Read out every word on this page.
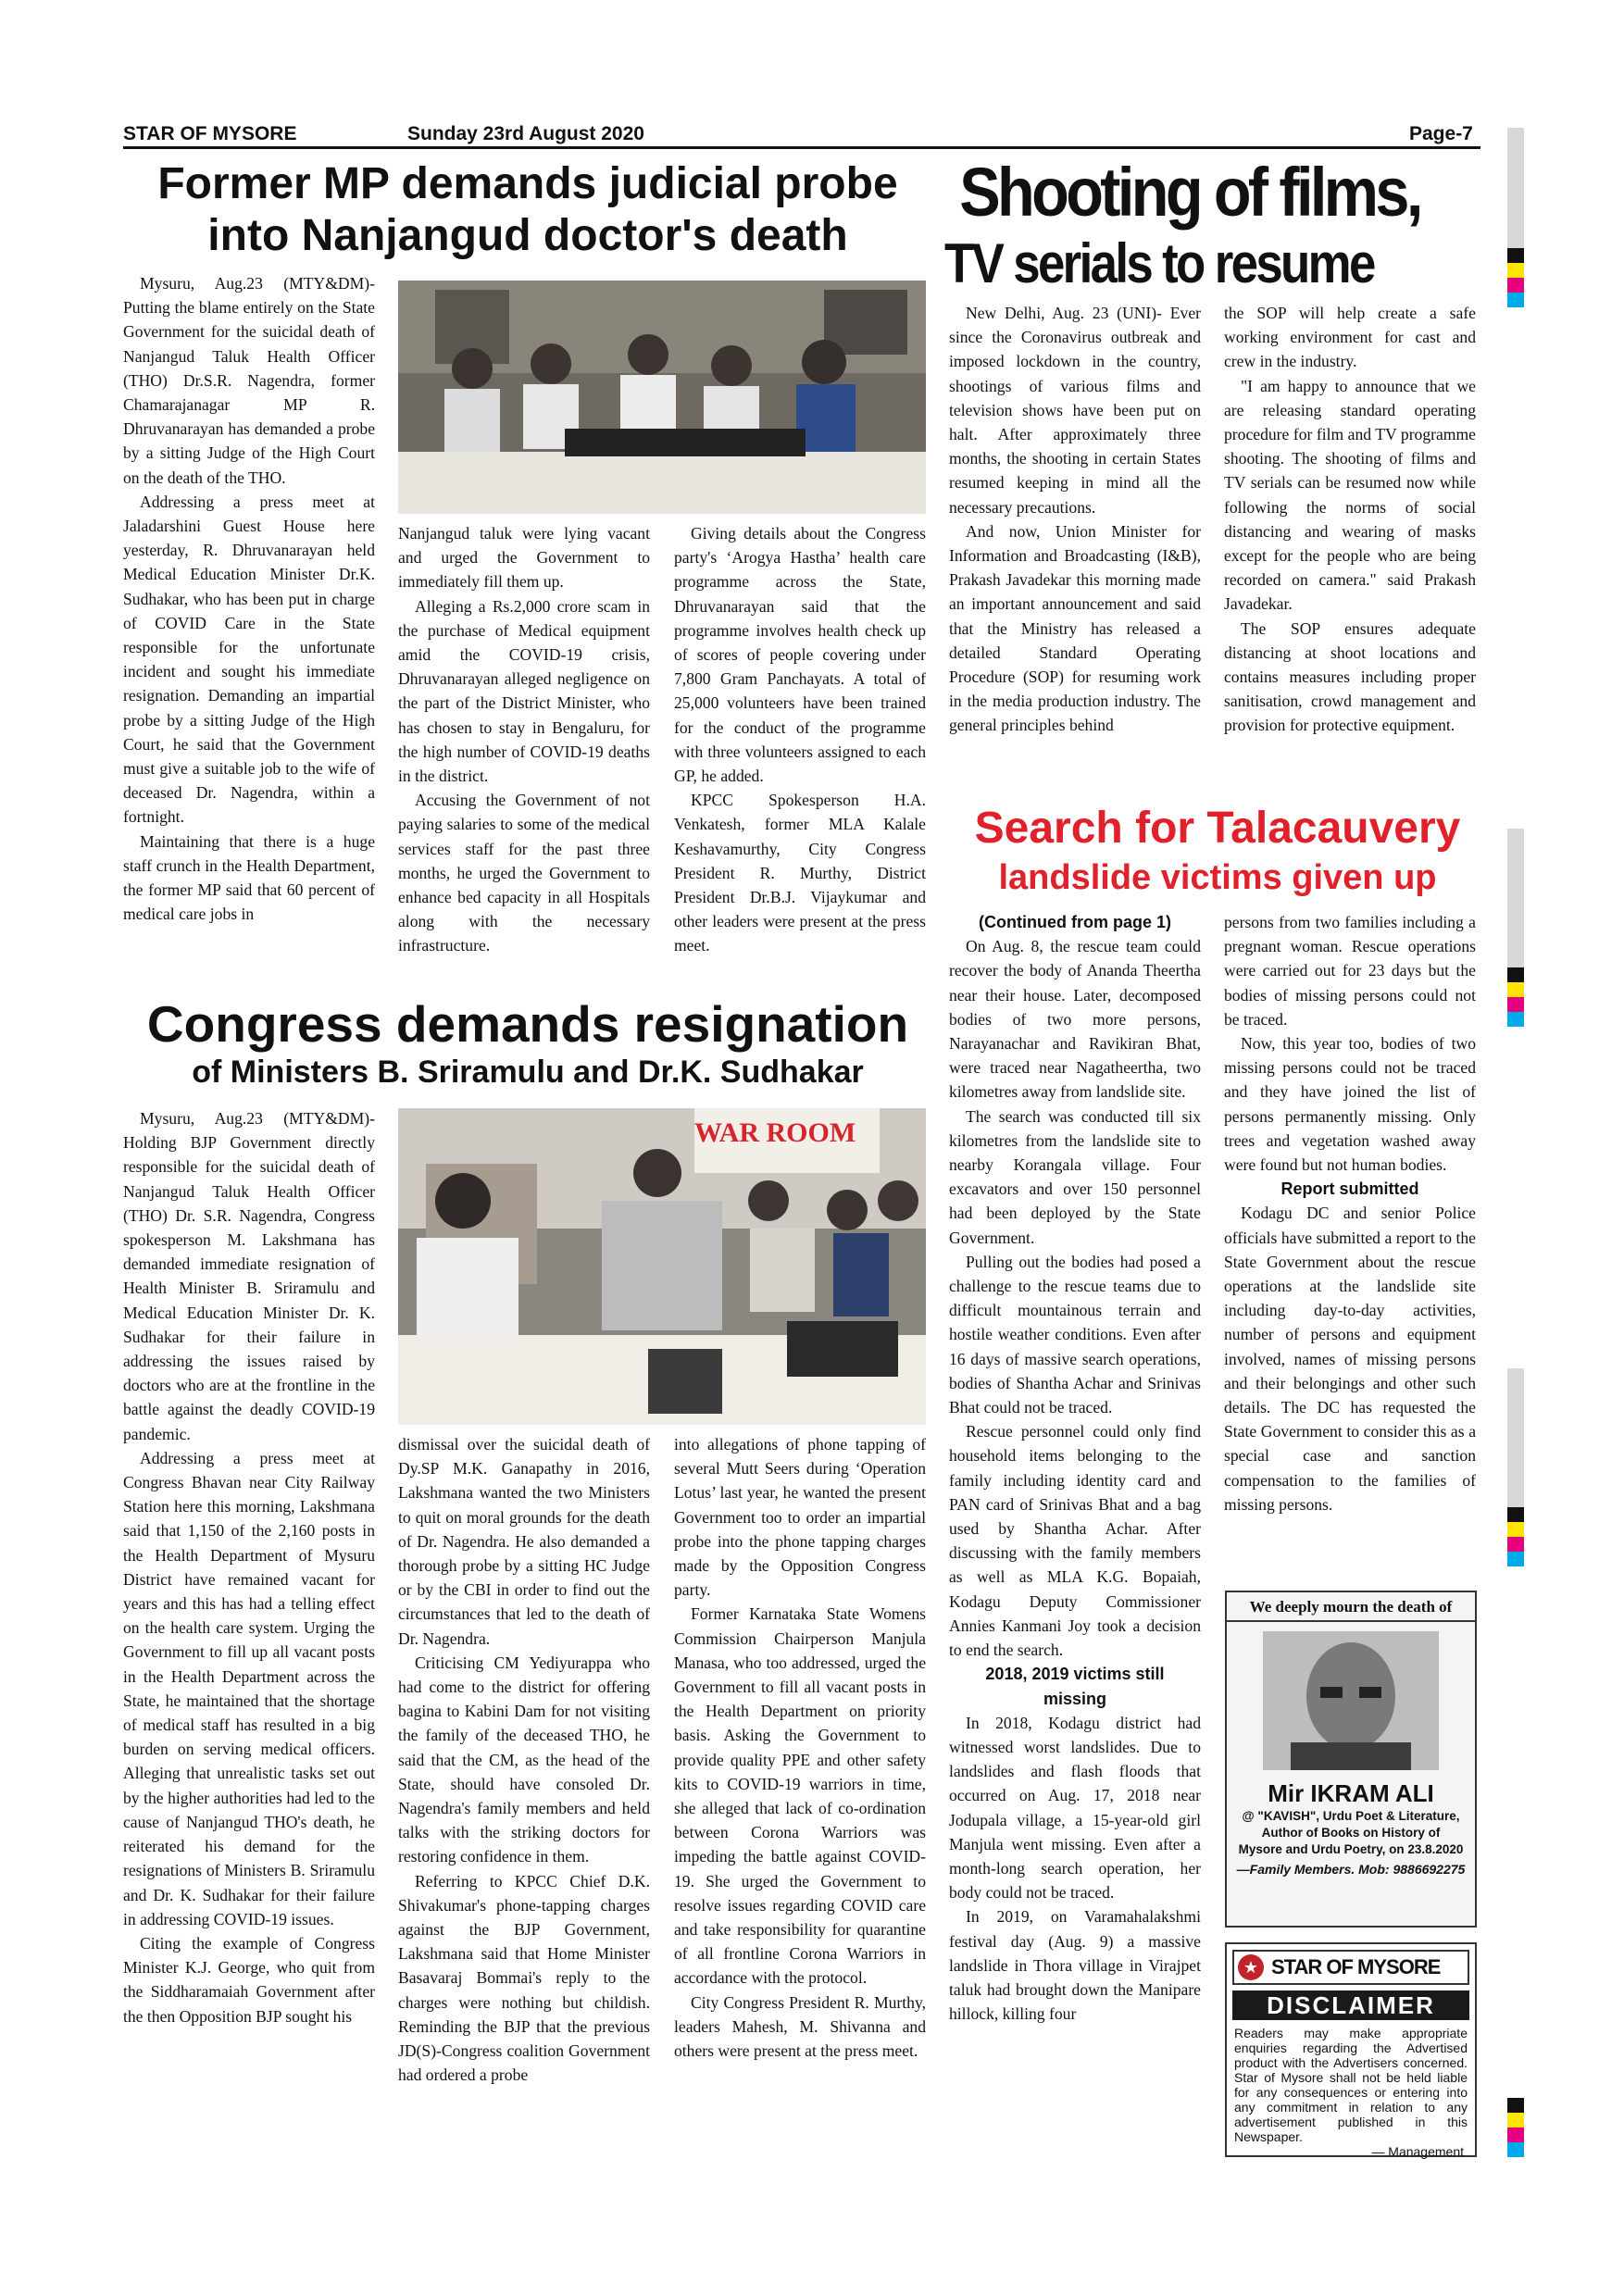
STAR OF MYSORE	Sunday 23rd August 2020	Page-7
Former MP demands judicial probe
into Nanjangud doctor's death

Mysuru, Aug.23 (MTY&DM)- Putting the blame entirely on the State Government for the suicidal death of Nanjangud Taluk Health Officer (THO) Dr.S.R. Nagendra, former Chamarajanagar MP R. Dhruvanarayan has demanded a probe by a sitting Judge of the High Court on the death of the THO.

Addressing a press meet at Jaladarshini Guest House here yesterday, R. Dhruvanarayan held Medical Education Minister Dr.K. Sudhakar, who has been put in charge of COVID Care in the State responsible for the unfortunate incident and sought his immediate resignation. Demanding an impartial probe by a sitting Judge of the High Court, he said that the Government must give a suitable job to the wife of deceased Dr. Nagendra, within a fortnight.

Maintaining that there is a huge staff crunch in the Health Department, the former MP said that 60 percent of medical care jobs in

Nanjangud taluk were lying vacant and urged the Government to immediately fill them up.

Alleging a Rs.2,000 crore scam in the purchase of Medical equipment amid the COVID-19 crisis, Dhruvanarayan alleged negligence on the part of the District Minister, who has chosen to stay in Bengaluru, for the high number of COVID-19 deaths in the district.

Accusing the Government of not paying salaries to some of the medical services staff for the past three months, he urged the Government to enhance bed capacity in all Hospitals along with the necessary infrastructure.

Giving details about the Congress party's ‘Arogya Hastha’ health care programme across the State, Dhruvanarayan said that the programme involves health check up of scores of people covering under 7,800 Gram Panchayats. A total of 25,000 volunteers have been trained for the conduct of the programme with three volunteers assigned to each GP, he added.

KPCC Spokesperson H.A. Venkatesh, former MLA Kalale Keshavamurthy, City Congress President R. Murthy, District President Dr.B.J. Vijaykumar and other leaders were present at the press meet.

Congress demands resignation
of Ministers B. Sriramulu and Dr.K. Sudhakar

Mysuru, Aug.23 (MTY&DM)- Holding BJP Government directly responsible for the suicidal death of Nanjangud Taluk Health Officer (THO) Dr. S.R. Nagendra, Congress spokesperson M. Lakshmana has demanded immediate resignation of Health Minister B. Sriramulu and Medical Education Minister Dr. K. Sudhakar for their failure in addressing the issues raised by doctors who are at the frontline in the battle against the deadly COVID-19 pandemic.

Addressing a press meet at Congress Bhavan near City Railway Station here this morning, Lakshmana said that 1,150 of the 2,160 posts in the Health Department of Mysuru District have remained vacant for years and this has had a telling effect on the health care system. Urging the Government to fill up all vacant posts in the Health Department across the State, he maintained that the shortage of medical staff has resulted in a big burden on serving medical officers. Alleging that unrealistic tasks set out by the higher authorities had led to the cause of Nanjangud THO's death, he reiterated his demand for the resignations of Ministers B. Sriramulu and Dr. K. Sudhakar for their failure in addressing COVID-19 issues.

Citing the example of Congress Minister K.J. George, who quit from the Siddharamaiah Government after the then Opposition BJP sought his

WAR ROOM

dismissal over the suicidal death of Dy.SP M.K. Ganapathy in 2016, Lakshmana wanted the two Ministers to quit on moral grounds for the death of Dr. Nagendra. He also demanded a thorough probe by a sitting HC Judge or by the CBI in order to find out the circumstances that led to the death of Dr. Nagendra.

Criticising CM Yediyurappa who had come to the district for offering bagina to Kabini Dam for not visiting the family of the deceased THO, he said that the CM, as the head of the State, should have consoled Dr. Nagendra's family members and held talks with the striking doctors for restoring confidence in them.

Referring to KPCC Chief D.K. Shivakumar's phone-tapping charges against the BJP Government, Lakshmana said that Home Minister Basavaraj Bommai's reply to the charges were nothing but childish. Reminding the BJP that the previous JD(S)-Congress coalition Government had ordered a probe

into allegations of phone tapping of several Mutt Seers during ‘Operation Lotus’ last year, he wanted the present Government too to order an impartial probe into the phone tapping charges made by the Opposition Congress party.

Former Karnataka State Womens Commission Chairperson Manjula Manasa, who too addressed, urged the Government to fill all vacant posts in the Health Department on priority basis. Asking the Government to provide quality PPE and other safety kits to COVID-19 warriors in time, she alleged that lack of co-ordination between Corona Warriors was impeding the battle against COVID-19. She urged the Government to resolve issues regarding COVID care and take responsibility for quarantine of all frontline Corona Warriors in accordance with the protocol.

City Congress President R. Murthy, leaders Mahesh, M. Shivanna and others were present at the press meet.

Shooting of films,
TV serials to resume

New Delhi, Aug. 23 (UNI)- Ever since the Coronavirus outbreak and imposed lockdown in the country, shootings of various films and television shows have been put on halt. After approximately three months, the shooting in certain States resumed keeping in mind all the necessary precautions.

And now, Union Minister for Information and Broadcasting (I&B), Prakash Javadekar this morning made an important announcement and said that the Ministry has released a detailed Standard Operating Procedure (SOP) for resuming work in the media production industry. The general principles behind

the SOP will help create a safe working environment for cast and crew in the industry.

"I am happy to announce that we are releasing standard operating procedure for film and TV programme shooting. The shooting of films and TV serials can be resumed now while following the norms of social distancing and wearing of masks except for the people who are being recorded on camera." said Prakash Javadekar.

The SOP ensures adequate distancing at shoot locations and contains measures including proper sanitisation, crowd management and provision for protective equipment.

Search for Talacauvery
landslide victims given up

(Continued from page 1)

On Aug. 8, the rescue team could recover the body of Ananda Theertha near their house. Later, decomposed bodies of two more persons, Narayanachar and Ravikiran Bhat, were traced near Nagatheertha, two kilometres away from landslide site.

The search was conducted till six kilometres from the landslide site to nearby Korangala village. Four excavators and over 150 personnel had been deployed by the State Government.

Pulling out the bodies had posed a challenge to the rescue teams due to difficult mountainous terrain and hostile weather conditions. Even after 16 days of massive search operations, bodies of Shantha Achar and Srinivas Bhat could not be traced.

Rescue personnel could only find household items belonging to the family including identity card and PAN card of Srinivas Bhat and a bag used by Shantha Achar. After discussing with the family members as well as MLA K.G. Bopaiah, Kodagu Deputy Commissioner Annies Kanmani Joy took a decision to end the search.

2018, 2019 victims still missing

In 2018, Kodagu district had witnessed worst landslides. Due to landslides and flash floods that occurred on Aug. 17, 2018 near Jodupala village, a 15-year-old girl Manjula went missing. Even after a month-long search operation, her body could not be traced.

In 2019, on Varamahalakshmi festival day (Aug. 9) a massive landslide in Thora village in Virajpet taluk had brought down the Manipare hillock, killing four

persons from two families including a pregnant woman. Rescue operations were carried out for 23 days but the bodies of missing persons could not be traced.

Now, this year too, bodies of two missing persons could not be traced and they have joined the list of persons permanently missing. Only trees and vegetation washed away were found but not human bodies.

Report submitted

Kodagu DC and senior Police officials have submitted a report to the State Government about the rescue operations at the landslide site including day-to-day activities, number of persons and equipment involved, names of missing persons and their belongings and other such details. The DC has requested the State Government to consider this as a special case and sanction compensation to the families of missing persons.

We deeply mourn the death of
Mir IKRAM ALI
@ "KAVISH", Urdu Poet & Literature,
Author of Books on History of
Mysore and Urdu Poetry, on 23.8.2020
—Family Members. Mob: 9886692275
★ STAR OF MYSORE
DISCLAIMER
Readers may make appropriate enquiries regarding the Advertised product with the Advertisers concerned. Star of Mysore shall not be held liable for any consequences or entering into any commitment in relation to any advertisement published in this Newspaper.
— Management
